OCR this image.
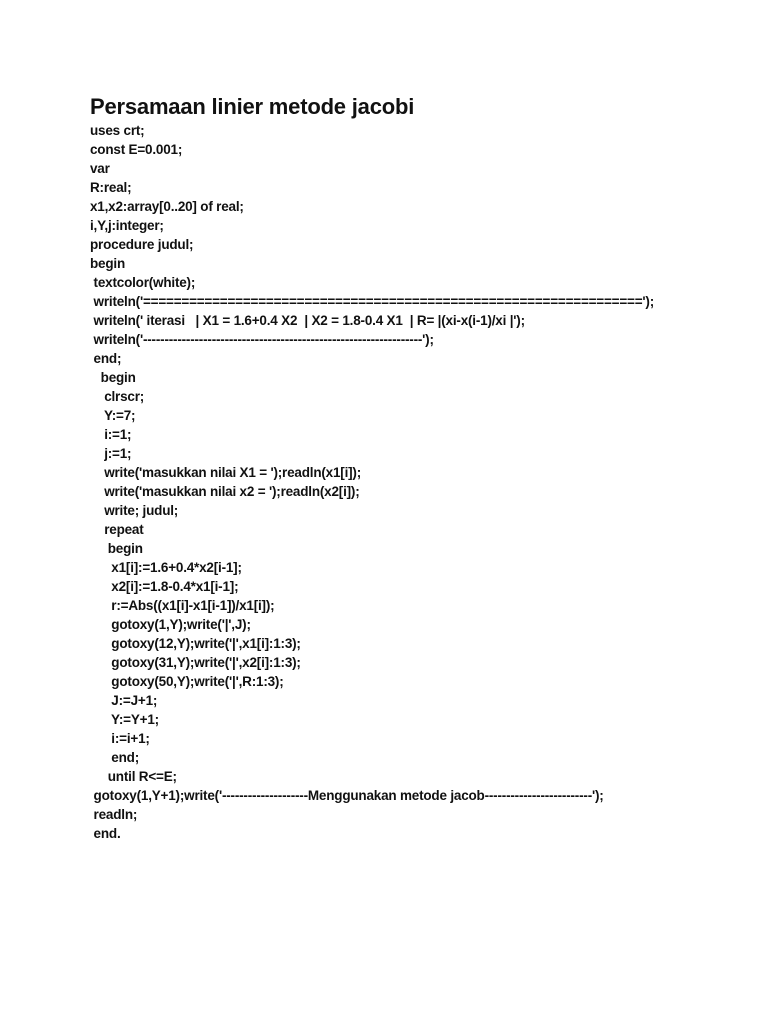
Persamaan linier metode jacobi
uses crt;
const E=0.001;
var
R:real;
x1,x2:array[0..20] of real;
i,Y,j:integer;
procedure judul;
begin
textcolor(white);
writeln('=================================================================');
writeln(' iterasi   | X1 = 1.6+0.4 X2  | X2 = 1.8-0.4 X1  | R= |(xi-x(i-1)/xi |');
writeln('-----------------------------------------------------------------');
end;
begin
clrscr;
Y:=7;
i:=1;
j:=1;
write('masukkan nilai X1 = ');readln(x1[i]);
write('masukkan nilai x2 = ');readln(x2[i]);
write; judul;
repeat
begin
x1[i]:=1.6+0.4*x2[i-1];
x2[i]:=1.8-0.4*x1[i-1];
r:=Abs((x1[i]-x1[i-1])/x1[i]);
gotoxy(1,Y);write('|',J);
gotoxy(12,Y);write('|',x1[i]:1:3);
gotoxy(31,Y);write('|',x2[i]:1:3);
gotoxy(50,Y);write('|',R:1:3);
J:=J+1;
Y:=Y+1;
i:=i+1;
end;
until R<=E;
gotoxy(1,Y+1);write('--------------------Menggunakan metode jacob-------------------------');
readln;
end.
